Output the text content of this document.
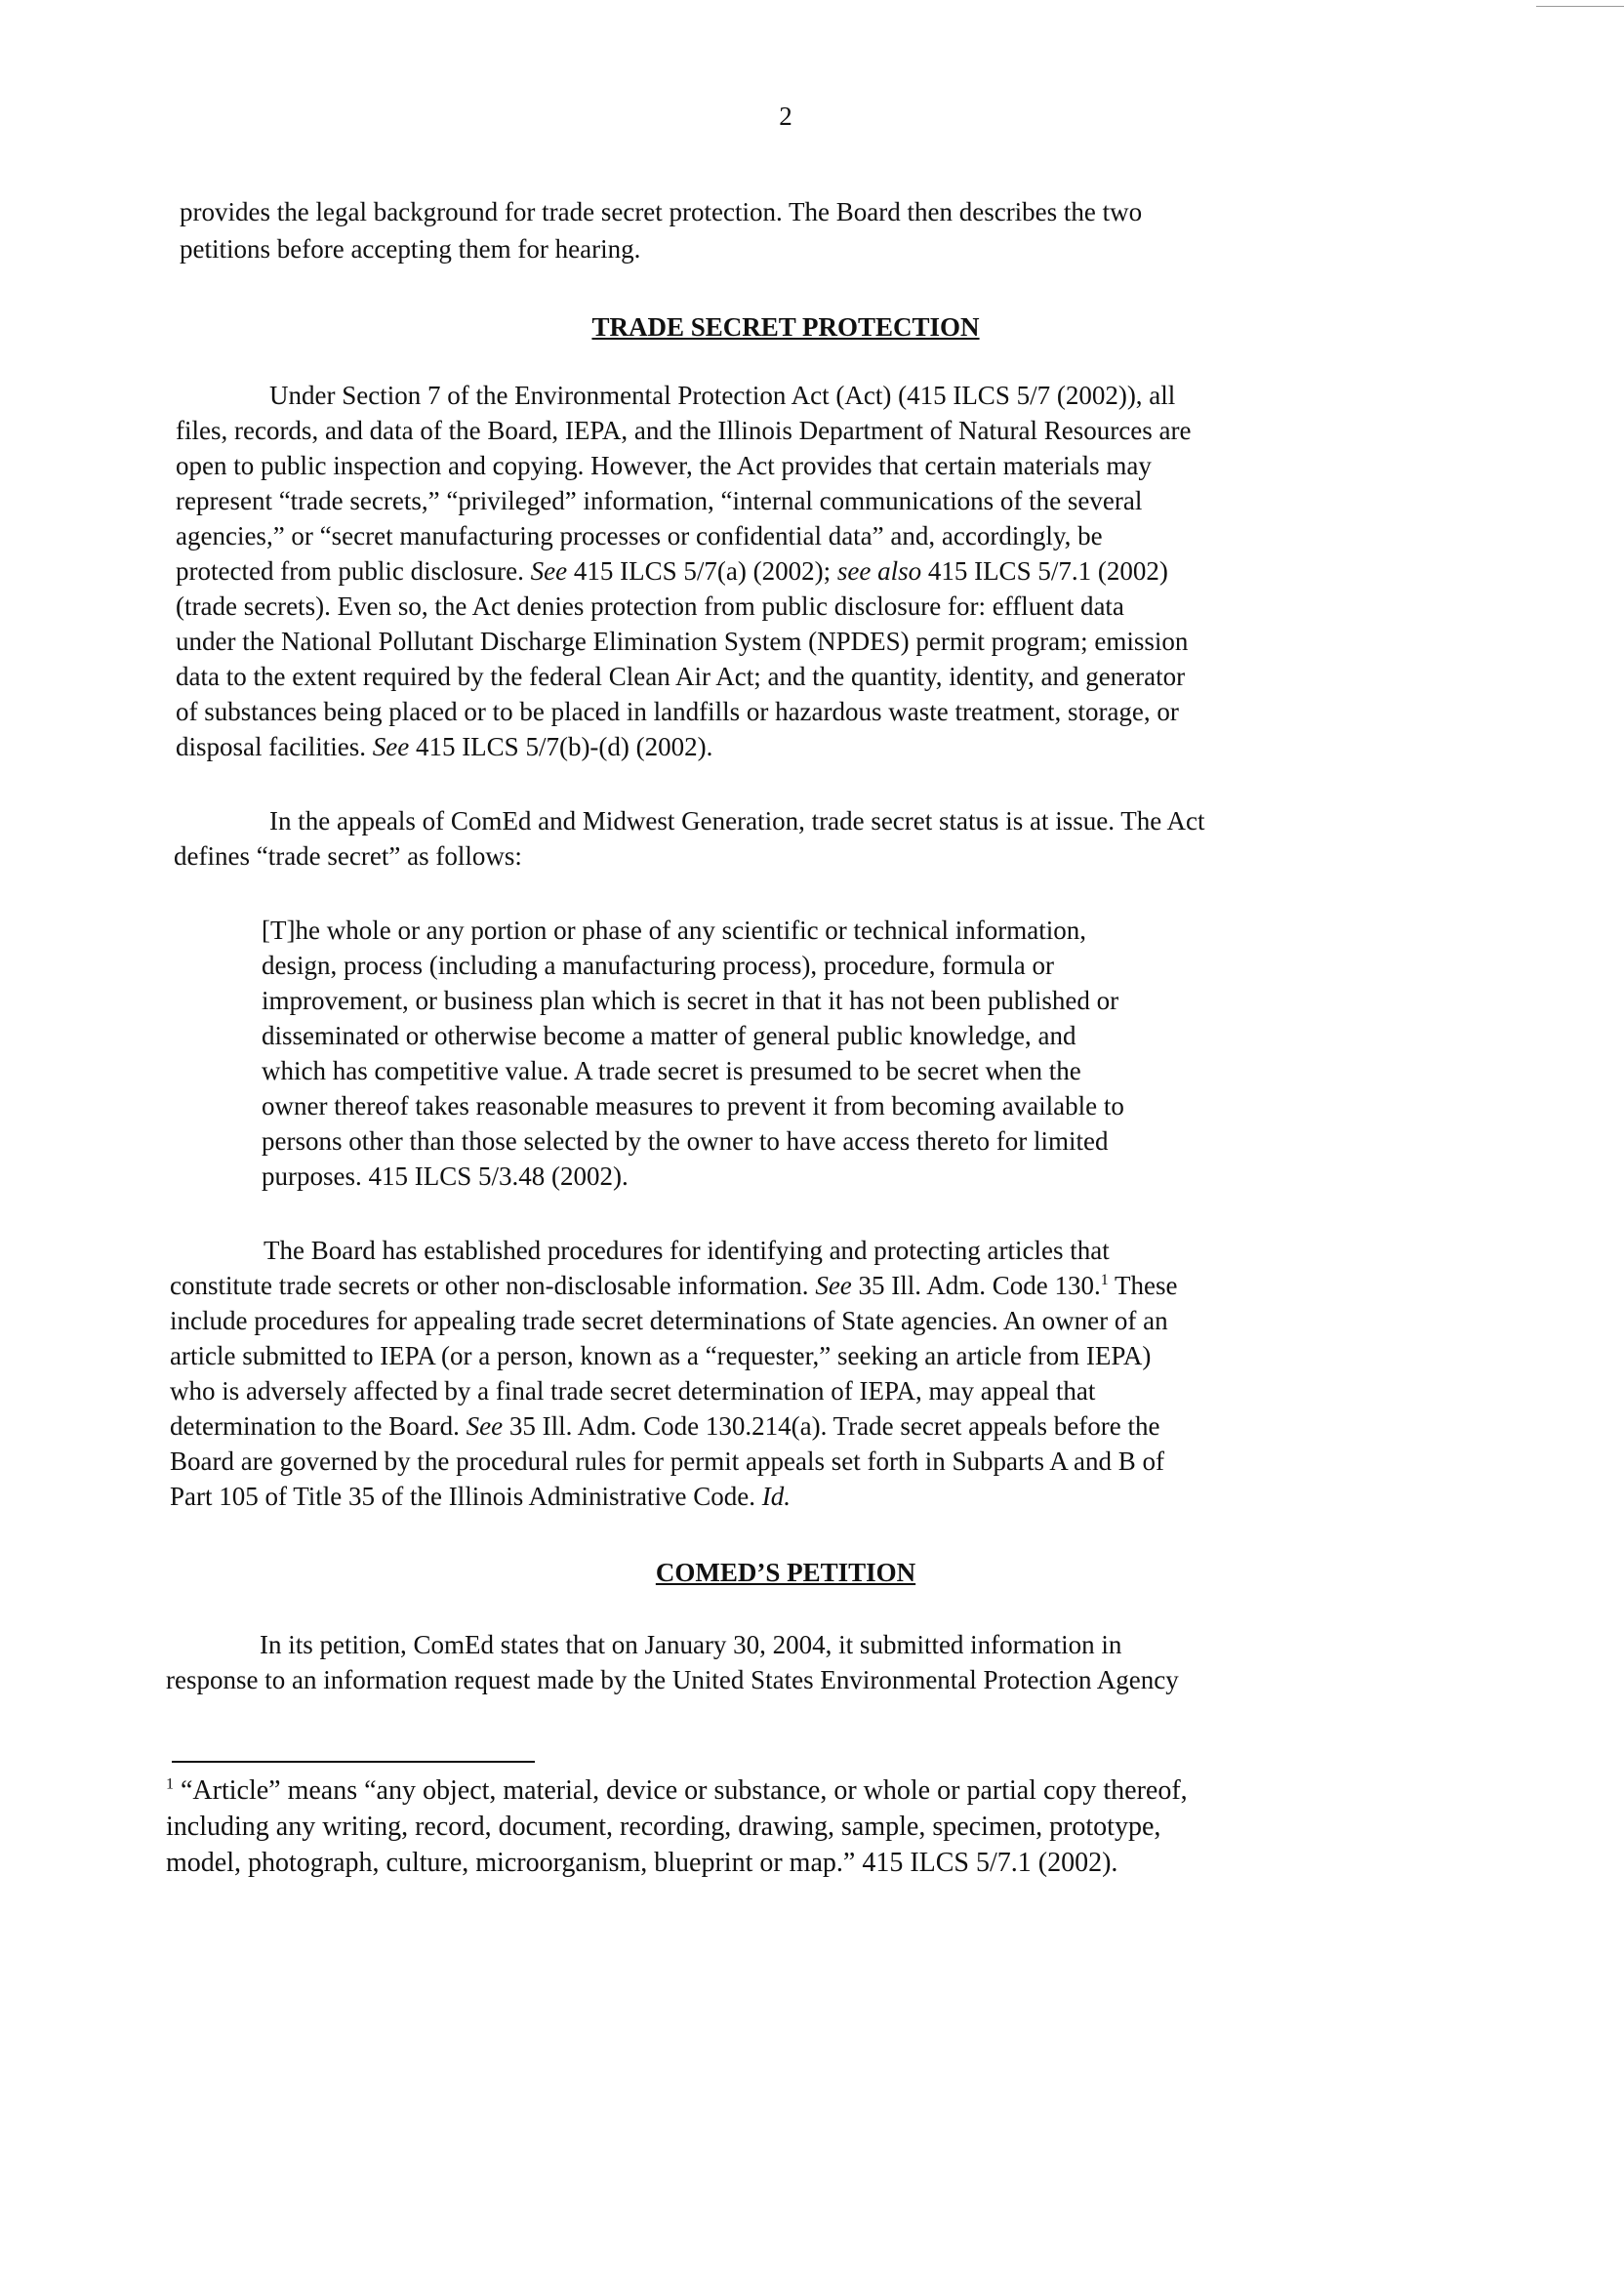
2
provides the legal background for trade secret protection. The Board then describes the two
petitions before accepting them for hearing.
TRADE SECRET PROTECTION
Under Section 7 of the Environmental Protection Act (Act) (415 ILCS 5/7 (2002)), all
files, records, and data of the Board, IEPA, and the Illinois Department of Natural Resources are
open to public inspection and copying. However, the Act provides that certain materials may
represent “trade secrets,” “privileged” information, “internal communications of the several
agencies,” or “secret manufacturing processes or confidential data” and, accordingly, be
protected from public disclosure. See 415 ILCS 5/7(a) (2002); see also 415 ILCS 5/7.1 (2002)
(trade secrets). Even so, the Act denies protection from public disclosure for: effluent data
under the National Pollutant Discharge Elimination System (NPDES) permit program; emission
data to the extent required by the federal Clean Air Act; and the quantity, identity, and generator
of substances being placed or to be placed in landfills or hazardous waste treatment, storage, or
disposal facilities. See 415 ILCS 5/7(b)-(d) (2002).
In the appeals of ComEd and Midwest Generation, trade secret status is at issue. The Act
defines “trade secret” as follows:
[T]he whole or any portion or phase of any scientific or technical information,
design, process (including a manufacturing process), procedure, formula or
improvement, or business plan which is secret in that it has not been published or
disseminated or otherwise become a matter of general public knowledge, and
which has competitive value. A trade secret is presumed to be secret when the
owner thereof takes reasonable measures to prevent it from becoming available to
persons other than those selected by the owner to have access thereto for limited
purposes. 415 ILCS 5/3.48 (2002).
The Board has established procedures for identifying and protecting articles that
constitute trade secrets or other non-disclosable information. See 35 Ill. Adm. Code 130.$^1$ These
include procedures for appealing trade secret determinations of State agencies. An owner of an
article submitted to IEPA (or a person, known as a “requester,” seeking an article from IEPA)
who is adversely affected by a final trade secret determination of IEPA, may appeal that
determination to the Board. See 35 Ill. Adm. Code 130.214(a). Trade secret appeals before the
Board are governed by the procedural rules for permit appeals set forth in Subparts A and B of
Part 105 of Title 35 of the Illinois Administrative Code. Id.
COMED’S PETITION
In its petition, ComEd states that on January 30, 2004, it submitted information in
response to an information request made by the United States Environmental Protection Agency
$^1$ “Article” means “any object, material, device or substance, or whole or partial copy thereof,
including any writing, record, document, recording, drawing, sample, specimen, prototype,
model, photograph, culture, microorganism, blueprint or map.” 415 ILCS 5/7.1 (2002).
